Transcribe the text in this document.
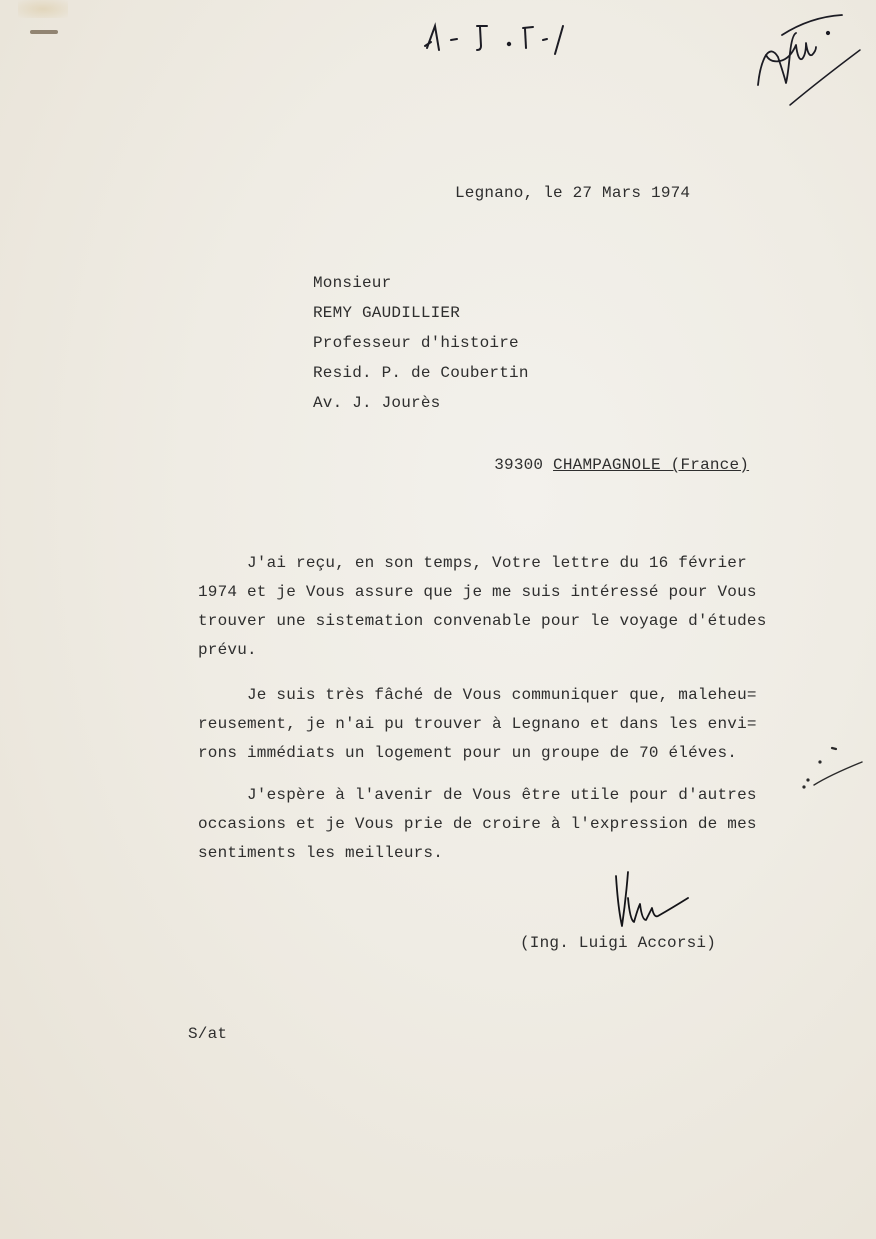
Legnano, le 27 Mars 1974
Monsieur
REMY GAUDILLIER
Professeur d'histoire
Resid. P. de Coubertin
Av. J. Jourès

39300 CHAMPAGNOLE (France)

J'ai reçu, en son temps, Votre lettre du 16 février
1974 et je Vous assure que je me suis intéressé pour Vous
trouver une sistemation convenable pour le voyage d'études
prévu.
Je suis très fâché de Vous communiquer que, maleheu=
reusement, je n'ai pu trouver à Legnano et dans les envi=
rons immédiats un logement pour un groupe de 70 éléves.
J'espère à l'avenir de Vous être utile pour d'autres
occasions et je Vous prie de croire à l'expression de mes
sentiments les meilleurs.
(Ing. Luigi Accorsi)
S/at
